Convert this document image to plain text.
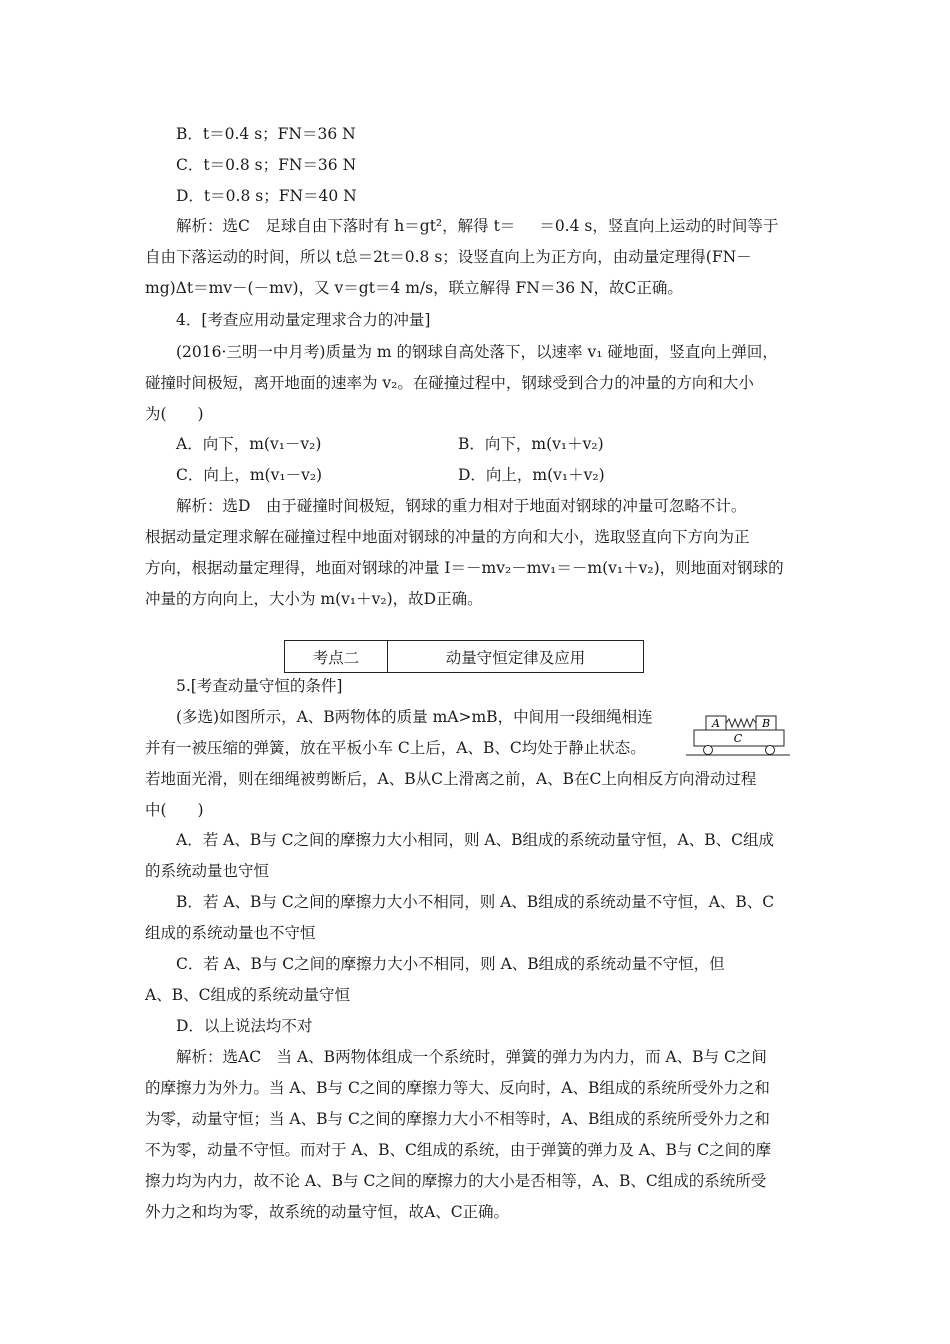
B．t＝0.4 s；FN＝36 N
C．t＝0.8 s；FN＝36 N
D．t＝0.8 s；FN＝40 N
解析：选C　足球自由下落时有 h＝gt²，解得 t＝ ＝0.4 s，竖直向上运动的时间等于
自由下落运动的时间，所以 t总＝2t＝0.8 s；设竖直向上为正方向，由动量定理得(FN－
mg)Δt＝mv－(－mv)，又 v＝gt＝4 m/s，联立解得 FN＝36 N，故C正确。
4．[考查应用动量定理求合力的冲量]
(2016·三明一中月考)质量为 m 的钢球自高处落下，以速率 v₁ 碰地面，竖直向上弹回，
碰撞时间极短，离开地面的速率为 v₂。在碰撞过程中，钢球受到合力的冲量的方向和大小
为(　　)
A．向下，m(v₁－v₂)	B．向下，m(v₁＋v₂)
C．向上，m(v₁－v₂)	D．向上，m(v₁＋v₂)
解析：选D　由于碰撞时间极短，钢球的重力相对于地面对钢球的冲量可忽略不计。
根据动量定理求解在碰撞过程中地面对钢球的冲量的方向和大小，选取竖直向下方向为正
方向，根据动量定理得，地面对钢球的冲量 I＝－mv₂－mv₁＝－m(v₁＋v₂)，则地面对钢球的
冲量的方向向上，大小为 m(v₁＋v₂)，故D正确。
考点二	动量守恒定律及应用
5.[考查动量守恒的条件]
(多选)如图所示，A、B两物体的质量 mA>mB，中间用一段细绳相连
并有一被压缩的弹簧，放在平板小车 C上后，A、B、C均处于静止状态。
若地面光滑，则在细绳被剪断后，A、B从C上滑离之前，A、B在C上向相反方向滑动过程
中(　　)
A	B
C
A．若 A、B与 C之间的摩擦力大小相同，则 A、B组成的系统动量守恒，A、B、C组成
的系统动量也守恒
B．若 A、B与 C之间的摩擦力大小不相同，则 A、B组成的系统动量不守恒，A、B、C
组成的系统动量也不守恒
C．若 A、B与 C之间的摩擦力大小不相同，则 A、B组成的系统动量不守恒，但
A、B、C组成的系统动量守恒
D．以上说法均不对
解析：选AC　当 A、B两物体组成一个系统时，弹簧的弹力为内力，而 A、B与 C之间
的摩擦力为外力。当 A、B与 C之间的摩擦力等大、反向时，A、B组成的系统所受外力之和
为零，动量守恒；当 A、B与 C之间的摩擦力大小不相等时，A、B组成的系统所受外力之和
不为零，动量不守恒。而对于 A、B、C组成的系统，由于弹簧的弹力及 A、B与 C之间的摩
擦力均为内力，故不论 A、B与 C之间的摩擦力的大小是否相等，A、B、C组成的系统所受
外力之和均为零，故系统的动量守恒，故A、C正确。
